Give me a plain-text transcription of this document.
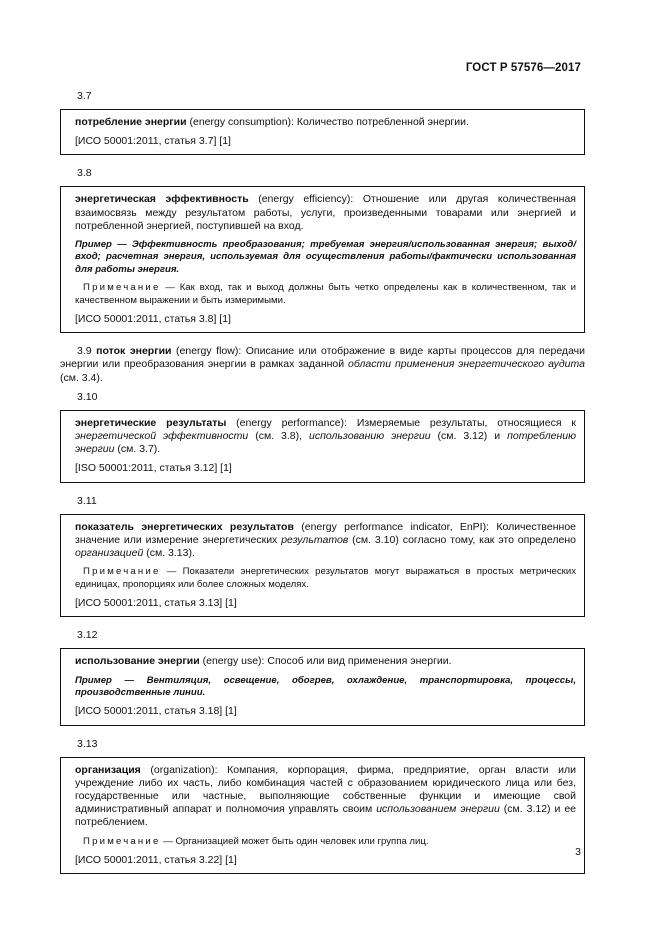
ГОСТ Р 57576—2017
3.7

потребление энергии (energy consumption): Количество потребленной энергии.

[ИСО 50001:2011, статья 3.7] [1]

3.8

энергетическая эффективность (energy efficiency): Отношение или другая количественная взаимосвязь между результатом работы, услуги, произведенными товарами или энергией и потребленной энергией, поступившей на вход.

Пример — Эффективность преобразования; требуемая энергия/использованная энергия; выход/вход; расчетная энергия, используемая для осуществления работы/фактически использованная для работы энергия.

Примечание — Как вход, так и выход должны быть четко определены как в количественном, так и качественном выражении и быть измеримыми.

[ИСО 50001:2011, статья 3.8] [1]

3.9 поток энергии (energy flow): Описание или отображение в виде карты процессов для передачи энергии или преобразования энергии в рамках заданной области применения энергетического аудита (см. 3.4).

3.10

энергетические результаты (energy performance): Измеряемые результаты, относящиеся к энергетической эффективности (см. 3.8), использованию энергии (см. 3.12) и потреблению энергии (см. 3.7).

[ISO 50001:2011, статья 3.12] [1]

3.11

показатель энергетических результатов (energy performance indicator, EnPI): Количественное значение или измерение энергетических результатов (см. 3.10) согласно тому, как это определено организацией (см. 3.13).

Примечание — Показатели энергетических результатов могут выражаться в простых метрических единицах, пропорциях или более сложных моделях.

[ИСО 50001:2011, статья 3.13] [1]

3.12

использование энергии (energy use): Способ или вид применения энергии.

Пример — Вентиляция, освещение, обогрев, охлаждение, транспортировка, процессы, производственные линии.

[ИСО 50001:2011, статья 3.18] [1]

3.13

организация (organization): Компания, корпорация, фирма, предприятие, орган власти или учреждение либо их часть, либо комбинация частей с образованием юридического лица или без, государственные или частные, выполняющие собственные функции и имеющие свой административный аппарат и полномочия управлять своим использованием энергии (см. 3.12) и ее потреблением.

Примечание — Организацией может быть один человек или группа лиц.

[ИСО 50001:2011, статья 3.22] [1]

3
